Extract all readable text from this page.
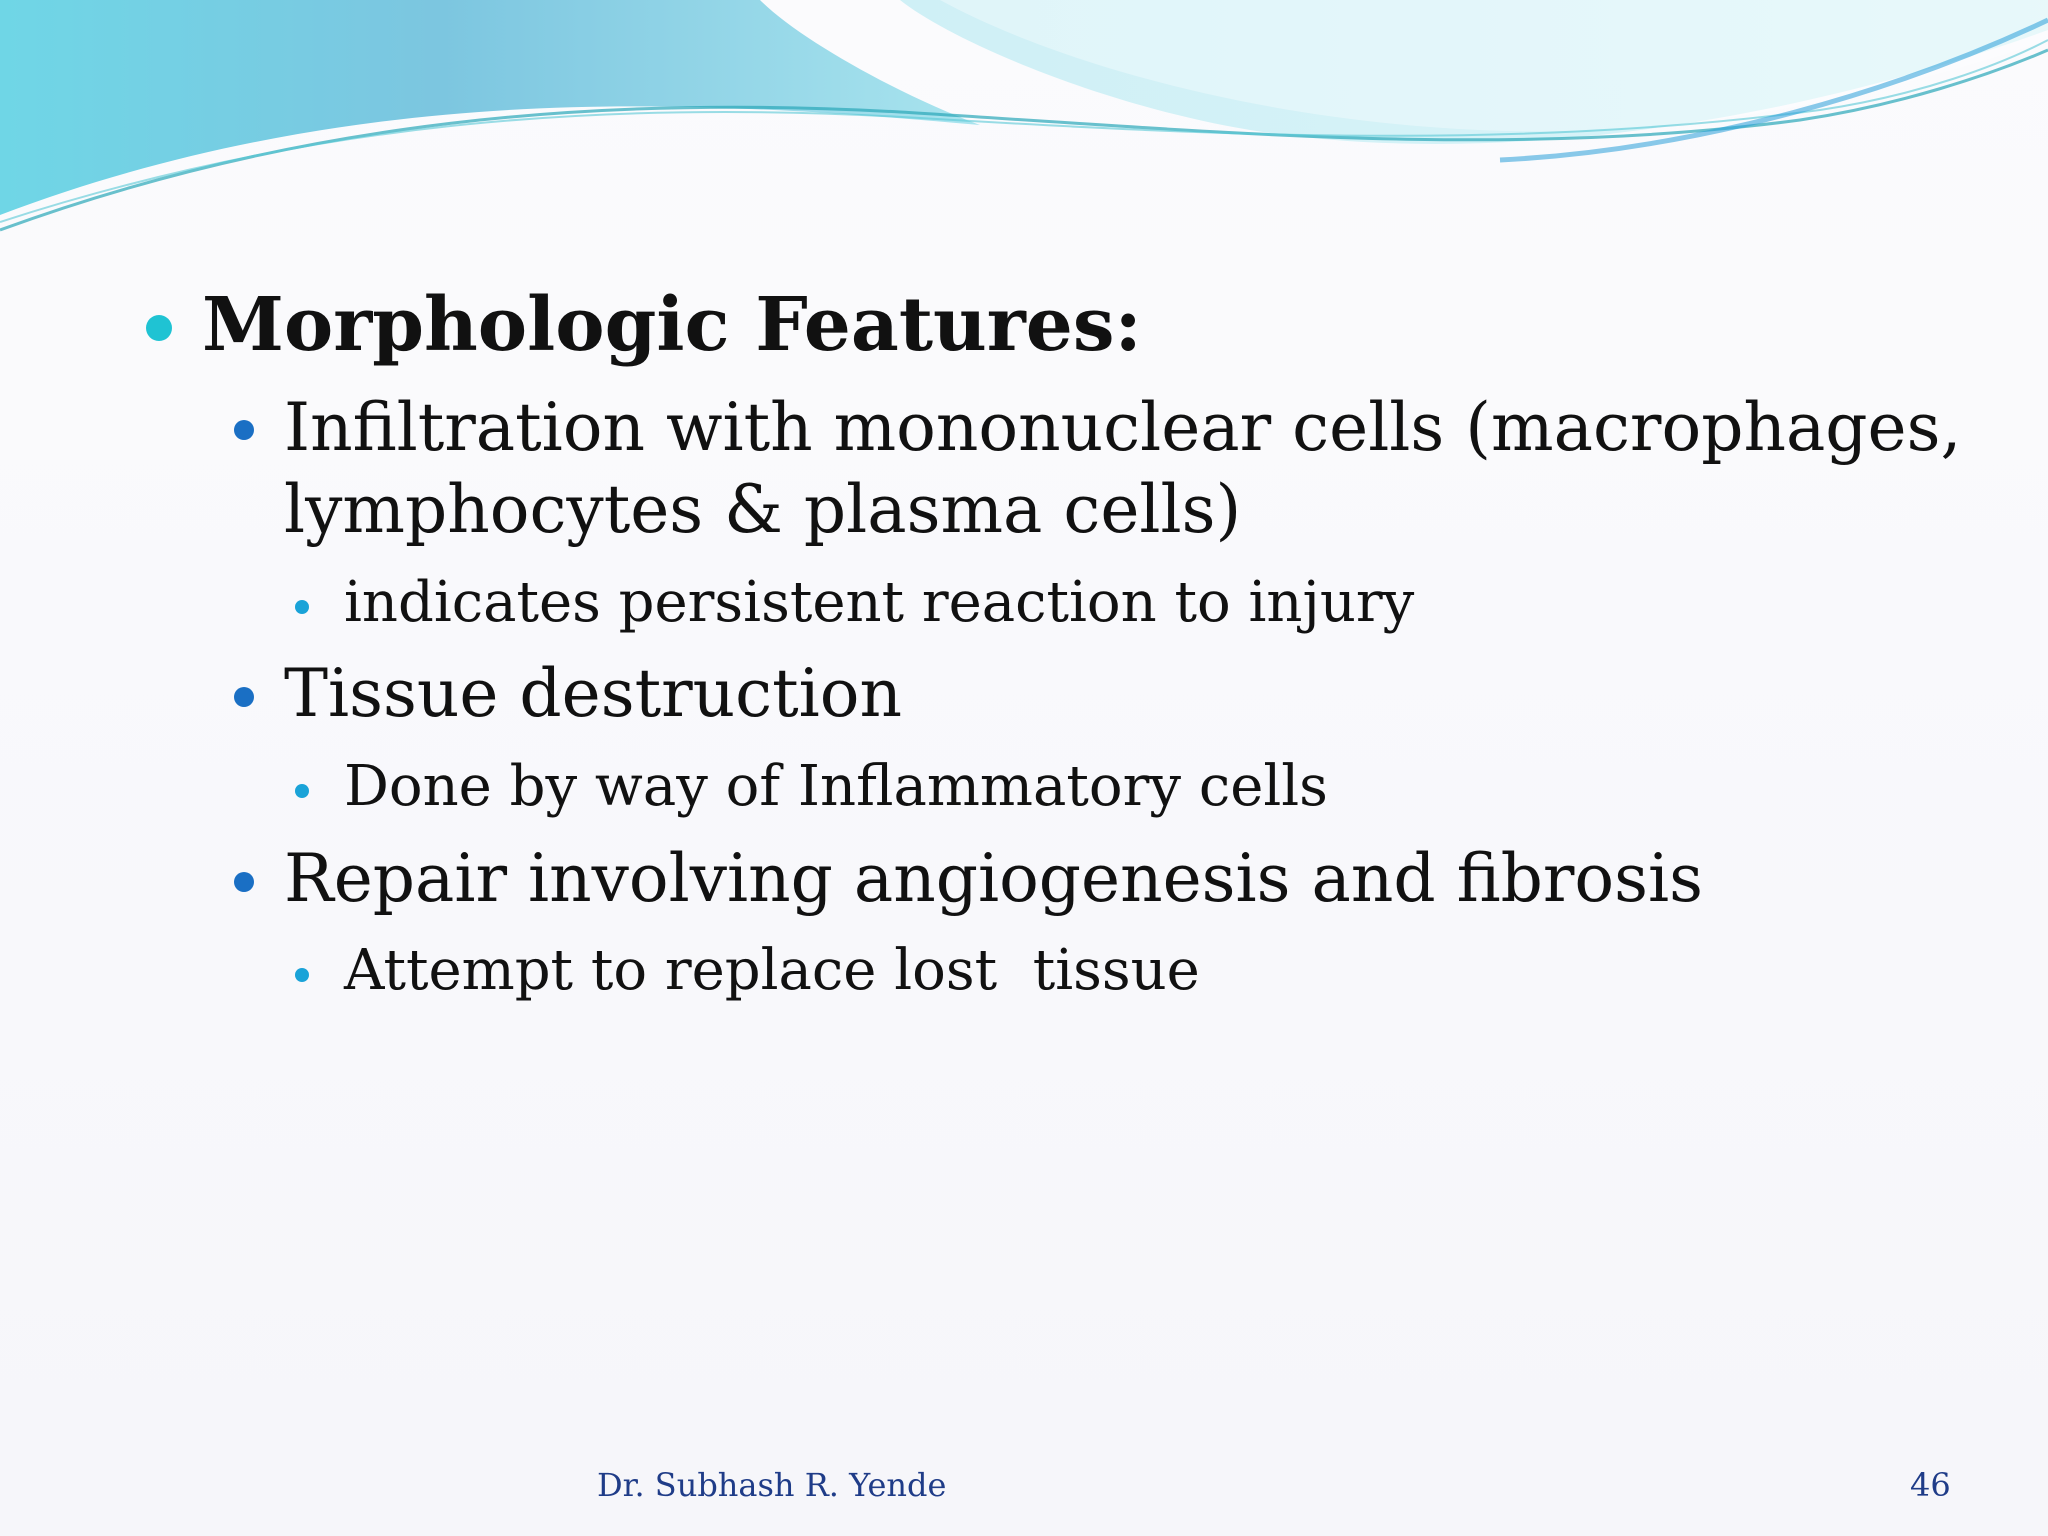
Morphologic Features:
Infiltration with mononuclear cells (macrophages,
lymphocytes & plasma cells)
indicates persistent reaction to injury
Tissue destruction
Done by way of Inflammatory cells
Repair involving angiogenesis and fibrosis
Attempt to replace lost  tissue
Dr. Subhash R. Yende	46
